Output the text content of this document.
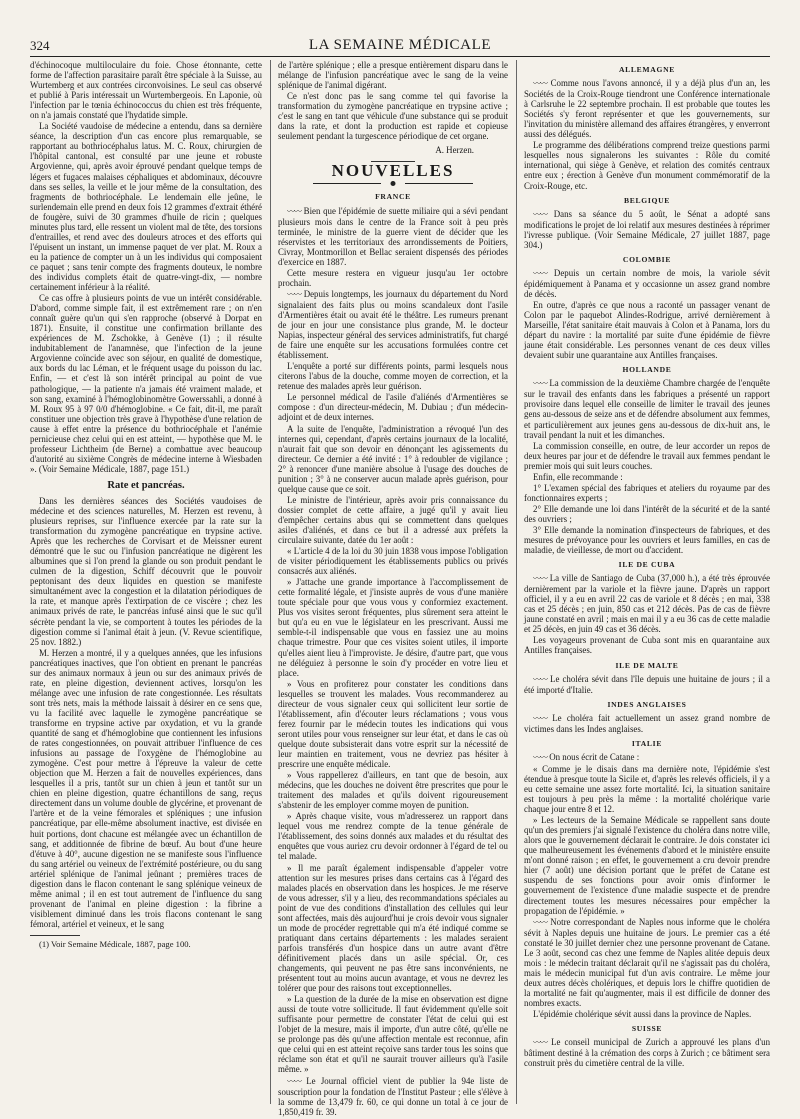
324	LA SEMAINE MÉDICALE

d'échinocoque multiloculaire du foie. Chose étonnante, cette forme de l'affection parasitaire paraît être spéciale à la Suisse, au Wurtemberg et aux contrées circonvoisines. Le seul cas observé et publié à Paris intéressait un Wurtembergeois. En Laponie, où l'infection par le tœnia échinococcus du chien est très fréquente, on n'a jamais constaté que l'hydatide simple.

La Société vaudoise de médecine a entendu, dans sa dernière séance, la description d'un cas encore plus remarquable, se rapportant au bothriocéphalus latus. M. C. Roux, chirurgien de l'hôpital cantonal, est consulté par une jeune et robuste Argovienne, qui, après avoir éprouvé pendant quelque temps de légers et fugaces malaises céphaliques et abdominaux, découvre dans ses selles, la veille et le jour même de la consultation, des fragments de bothriocéphale. Le lendemain elle jeûne, le surlendemain elle prend en deux fois 12 grammes d'extrait éthéré de fougère, suivi de 30 grammes d'huile de ricin ; quelques minutes plus tard, elle ressent un violent mal de tête, des torsions d'entrailles, et rend avec des douleurs atroces et des efforts qui l'épuisent un instant, un immense paquet de ver plat. M. Roux a eu la patience de compter un à un les individus qui composaient ce paquet ; sans tenir compte des fragments douteux, le nombre des individus complets était de quatre-vingt-dix, — nombre certainement inférieur à la réalité.

Ce cas offre à plusieurs points de vue un intérêt considérable. D'abord, comme simple fait, il est extrêmement rare ; on n'en connaît guère qu'un qui s'en rapproche (observé à Dorpat en 1871). Ensuite, il constitue une confirmation brillante des expériences de M. Zschokke, à Genève (1) ; il résulte indubitablement de l'anamnèse, que l'infection de la jeune Argovienne coïncide avec son séjour, en qualité de domestique, aux bords du lac Léman, et le fréquent usage du poisson du lac. Enfin, — et c'est là son intérêt principal au point de vue pathologique, — la patiente n'a jamais été vraiment malade, et son sang, examiné à l'hémoglobinomètre Gowerssahli, a donné à M. Roux 95 à 97 0/0 d'hémoglobine. « Ce fait, dit-il, me paraît constituer une objection très grave à l'hypothèse d'une relation de cause à effet entre la présence du bothriocéphale et l'anémie pernicieuse chez celui qui en est atteint, — hypothèse que M. le professeur Lichtheim (de Berne) a combattue avec beaucoup d'autorité au sixième Congrès de médecine interne à Wiesbaden ». (Voir Semaine Médicale, 1887, page 151.)

Rate et pancréas.

Dans les dernières séances des Sociétés vaudoises de médecine et des sciences naturelles, M. Herzen est revenu, à plusieurs reprises, sur l'influence exercée par la rate sur la transformation du zymogène pancréatique en trypsine active. Après que les recherches de Corvisart et de Meissner eurent démontré que le suc ou l'infusion pancréatique ne digèrent les albumines que si l'on prend la glande ou son produit pendant le culmen de la digestion, Schiff découvrit que le pouvoir peptonisant des deux liquides en question se manifeste simultanément avec la congestion et la dilatation périodiques de la rate, et manque après l'extirpation de ce viscère ; chez les animaux privés de rate, le pancréas infusé ainsi que le suc qu'il sécrète pendant la vie, se comportent à toutes les périodes de la digestion comme si l'animal était à jeun. (V. Revue scientifique, 25 nov. 1882.)

M. Herzen a montré, il y a quelques années, que les infusions pancréatiques inactives, que l'on obtient en prenant le pancréas sur des animaux normaux à jeun ou sur des animaux privés de rate, en pleine digestion, deviennent actives, lorsqu'on les mélange avec une infusion de rate congestionnée. Les résultats sont très nets, mais la méthode laissait à désirer en ce sens que, vu la facilité avec laquelle le zymogène pancréatique se transforme en trypsine active par oxydation, et vu la grande quantité de sang et d'hémoglobine que contiennent les infusions de rates congestionnées, on pouvait attribuer l'influence de ces infusions au passage de l'oxygène de l'hémoglobine au zymogène. C'est pour mettre à l'épreuve la valeur de cette objection que M. Herzen a fait de nouvelles expériences, dans lesquelles il a pris, tantôt sur un chien à jeun et tantôt sur un chien en pleine digestion, quatre échantillons de sang, reçus directement dans un volume double de glycérine, et provenant de l'artère et de la veine fémorales et spléniques ; une infusion pancréatique, par elle-même absolument inactive, est divisée en huit portions, dont chacune est mélangée avec un échantillon de sang, et additionnée de fibrine de bœuf. Au bout d'une heure d'étuve à 40°, aucune digestion ne se manifeste sous l'influence du sang artériel ou veineux de l'extrémité postérieure, ou du sang artériel splénique de l'animal jeûnant ; premières traces de digestion dans le flacon contenant le sang splénique veineux de même animal ; il en est tout autrement de l'influence du sang provenant de l'animal en pleine digestion : la fibrine a visiblement diminué dans les trois flacons contenant le sang fémoral, artériel et veineux, et le sang

(1) Voir Semaine Médicale, 1887, page 100.

de l'artère splénique ; elle a presque entièrement disparu dans le mélange de l'infusion pancréatique avec le sang de la veine splénique de l'animal digérant.

Ce n'est donc pas le sang comme tel qui favorise la transformation du zymogène pancréatique en trypsine active ; c'est le sang en tant que véhicule d'une substance qui se produit dans la rate, et dont la production est rapide et copieuse seulement pendant la turgescence périodique de cet organe.

A. Herzen.
NOUVELLES
FRANCE

〰〰 Bien que l'épidémie de suette miliaire qui a sévi pendant plusieurs mois dans le centre de la France soit à peu près terminée, le ministre de la guerre vient de décider que les réservistes et les territoriaux des arrondissements de Poitiers, Civray, Montmorillon et Bellac seraient dispensés des périodes d'exercice en 1887.

Cette mesure restera en vigueur jusqu'au 1er octobre prochain.

〰〰 Depuis longtemps, les journaux du département du Nord signalaient des faits plus ou moins scandaleux dont l'asile d'Armentières était ou avait été le théâtre. Les rumeurs prenant de jour en jour une consistance plus grande, M. le docteur Napias, inspecteur général des services administratifs, fut chargé de faire une enquête sur les accusations formulées contre cet établissement.

L'enquête a porté sur différents points, parmi lesquels nous citerons l'abus de la douche, comme moyen de correction, et la retenue des malades après leur guérison.

Le personnel médical de l'asile d'aliénés d'Armentières se compose : d'un directeur-médecin, M. Dubiau ; d'un médecin-adjoint et de deux internes.

A la suite de l'enquête, l'administration a révoqué l'un des internes qui, cependant, d'après certains journaux de la localité, n'aurait fait que son devoir en dénonçant les agissements du directeur. Ce dernier a été invité : 1° à redoubler de vigilance ; 2° à renoncer d'une manière absolue à l'usage des douches de punition ; 3° à ne conserver aucun malade après guérison, pour quelque cause que ce soit.

Le ministre de l'intérieur, après avoir pris connaissance du dossier complet de cette affaire, a jugé qu'il y avait lieu d'empêcher certains abus qui se commettent dans quelques asiles d'aliénés, et dans ce but il a adressé aux préfets la circulaire suivante, datée du 1er août :

« L'article 4 de la loi du 30 juin 1838 vous impose l'obligation de visiter périodiquement les établissements publics ou privés consacrés aux aliénés.

» J'attache une grande importance à l'accomplissement de cette formalité légale, et j'insiste auprès de vous d'une manière toute spéciale pour que vous vous y conformiez exactement. Plus vos visites seront fréquentes, plus sûrement sera atteint le but qu'a eu en vue le législateur en les prescrivant. Aussi me semble-t-il indispensable que vous en fassiez une au moins chaque trimestre. Pour que ces visites soient utiles, il importe qu'elles aient lieu à l'improviste. Je désire, d'autre part, que vous ne déléguiez à personne le soin d'y procéder en votre lieu et place.

» Vous en profiterez pour constater les conditions dans lesquelles se trouvent les malades. Vous recommanderez au directeur de vous signaler ceux qui sollicitent leur sortie de l'établissement, afin d'écouter leurs réclamations ; vous vous ferez fournir par le médecin toutes les indications qui vous seront utiles pour vous renseigner sur leur état, et dans le cas où quelque doute subsisterait dans votre esprit sur la nécessité de leur maintien en traitement, vous ne devriez pas hésiter à prescrire une enquête médicale.

» Vous rappellerez d'ailleurs, en tant que de besoin, aux médecins, que les douches ne doivent être prescrites que pour le traitement des malades et qu'ils doivent rigoureusement s'abstenir de les employer comme moyen de punition.

» Après chaque visite, vous m'adresserez un rapport dans lequel vous me rendrez compte de la tenue générale de l'établissement, des soins donnés aux malades et du résultat des enquêtes que vous auriez cru devoir ordonner à l'égard de tel ou tel malade.

» Il me paraît également indispensable d'appeler votre attention sur les mesures prises dans certains cas à l'égard des malades placés en observation dans les hospices. Je me réserve de vous adresser, s'il y a lieu, des recommandations spéciales au point de vue des conditions d'installation des cellules qui leur sont affectées, mais dès aujourd'hui je crois devoir vous signaler un mode de procéder regrettable qui m'a été indiqué comme se pratiquant dans certains départements : les malades seraient parfois transférés d'un hospice dans un autre avant d'être définitivement placés dans un asile spécial. Or, ces changements, qui peuvent ne pas être sans inconvénients, ne présentent tout au moins aucun avantage, et vous ne devrez les tolérer que pour des raisons tout exceptionnelles.

» La question de la durée de la mise en observation est digne aussi de toute votre sollicitude. Il faut évidemment qu'elle soit suffisante pour permettre de constater l'état de celui qui est l'objet de la mesure, mais il importe, d'un autre côté, qu'elle ne se prolonge pas dès qu'une affection mentale est reconnue, afin que celui qui en est atteint reçoive sans tarder tous les soins que réclame son état et qu'il ne saurait trouver ailleurs qu'à l'asile même. »

〰〰 Le Journal officiel vient de publier la 94e liste de souscription pour la fondation de l'Institut Pasteur ; elle s'élève à la somme de 13,479 fr. 60, ce qui donne un total à ce jour de 1,850,419 fr. 39.

ALLEMAGNE

〰〰 Comme nous l'avons annoncé, il y a déjà plus d'un an, les Sociétés de la Croix-Rouge tiendront une Conférence internationale à Carlsruhe le 22 septembre prochain. Il est probable que toutes les Sociétés s'y feront représenter et que les gouvernements, sur l'invitation du ministère allemand des affaires étrangères, y enverront aussi des délégués.

Le programme des délibérations comprend treize questions parmi lesquelles nous signalerons les suivantes : Rôle du comité international, qui siège à Genève, et relation des comités centraux entre eux ; érection à Genève d'un monument commémoratif de la Croix-Rouge, etc.

BELGIQUE

〰〰 Dans sa séance du 5 août, le Sénat a adopté sans modifications le projet de loi relatif aux mesures destinées à réprimer l'ivresse publique. (Voir Semaine Médicale, 27 juillet 1887, page 304.)

COLOMBIE

〰〰 Depuis un certain nombre de mois, la variole sévit épidémiquement à Panama et y occasionne un assez grand nombre de décès.

En outre, d'après ce que nous a raconté un passager venant de Colon par le paquebot Alindes-Rodrigue, arrivé dernièrement à Marseille, l'état sanitaire était mauvais à Colon et à Panama, lors du départ du navire : la mortalité par suite d'une épidémie de fièvre jaune était considérable. Les personnes venant de ces deux villes devaient subir une quarantaine aux Antilles françaises.

HOLLANDE

〰〰 La commission de la deuxième Chambre chargée de l'enquête sur le travail des enfants dans les fabriques a présenté un rapport provisoire dans lequel elle conseille de limiter le travail des jeunes gens au-dessous de seize ans et de défendre absolument aux femmes, et particulièrement aux jeunes gens au-dessous de dix-huit ans, le travail pendant la nuit et les dimanches.

La commission conseille, en outre, de leur accorder un repos de deux heures par jour et de défendre le travail aux femmes pendant le premier mois qui suit leurs couches.

Enfin, elle recommande :

1° L'examen spécial des fabriques et ateliers du royaume par des fonctionnaires experts ;

2° Elle demande une loi dans l'intérêt de la sécurité et de la santé des ouvriers ;

3° Elle demande la nomination d'inspecteurs de fabriques, et des mesures de prévoyance pour les ouvriers et leurs familles, en cas de maladie, de vieillesse, de mort ou d'accident.

ILE DE CUBA

〰〰 La ville de Santiago de Cuba (37,000 h.), a été très éprouvée dernièrement par la variole et la fièvre jaune. D'après un rapport officiel, il y a eu en avril 22 cas de variole et 8 décès ; en mai, 338 cas et 25 décès ; en juin, 850 cas et 212 décès. Pas de cas de fièvre jaune constaté en avril ; mais en mai il y a eu 36 cas de cette maladie et 25 décès, en juin 49 cas et 36 décès.

Les voyageurs provenant de Cuba sont mis en quarantaine aux Antilles françaises.

ILE DE MALTE

〰〰 Le choléra sévit dans l'île depuis une huitaine de jours ; il a été importé d'Italie.

INDES ANGLAISES

〰〰 Le choléra fait actuellement un assez grand nombre de victimes dans les Indes anglaises.

ITALIE

〰〰 On nous écrit de Catane :

« Comme je le disais dans ma dernière note, l'épidémie s'est étendue à presque toute la Sicile et, d'après les relevés officiels, il y a eu cette semaine une assez forte mortalité. Ici, la situation sanitaire est toujours à peu près la même : la mortalité cholérique varie chaque jour entre 8 et 12.

» Les lecteurs de la Semaine Médicale se rappellent sans doute qu'un des premiers j'ai signalé l'existence du choléra dans notre ville, alors que le gouvernement déclarait le contraire. Je dois constater ici que malheureusement les événements d'abord et le ministère ensuite m'ont donné raison ; en effet, le gouvernement a cru devoir prendre hier (7 août) une décision portant que le préfet de Catane est suspendu de ses fonctions pour avoir omis d'informer le gouvernement de l'existence d'une maladie suspecte et de prendre directement toutes les mesures nécessaires pour empêcher la propagation de l'épidémie. »

〰〰 Notre correspondant de Naples nous informe que le choléra sévit à Naples depuis une huitaine de jours. Le premier cas a été constaté le 30 juillet dernier chez une personne provenant de Catane. Le 3 août, second cas chez une femme de Naples alitée depuis deux mois : le médecin traitant déclarait qu'il ne s'agissait pas du choléra, mais le médecin municipal fut d'un avis contraire. Le même jour deux autres décès cholériques, et depuis lors le chiffre quotidien de la mortalité ne fait qu'augmenter, mais il est difficile de donner des nombres exacts.

L'épidémie cholérique sévit aussi dans la province de Naples.

SUISSE

〰〰 Le conseil municipal de Zurich a approuvé les plans d'un bâtiment destiné à la crémation des corps à Zurich ; ce bâtiment sera construit près du cimetière central de la ville.
